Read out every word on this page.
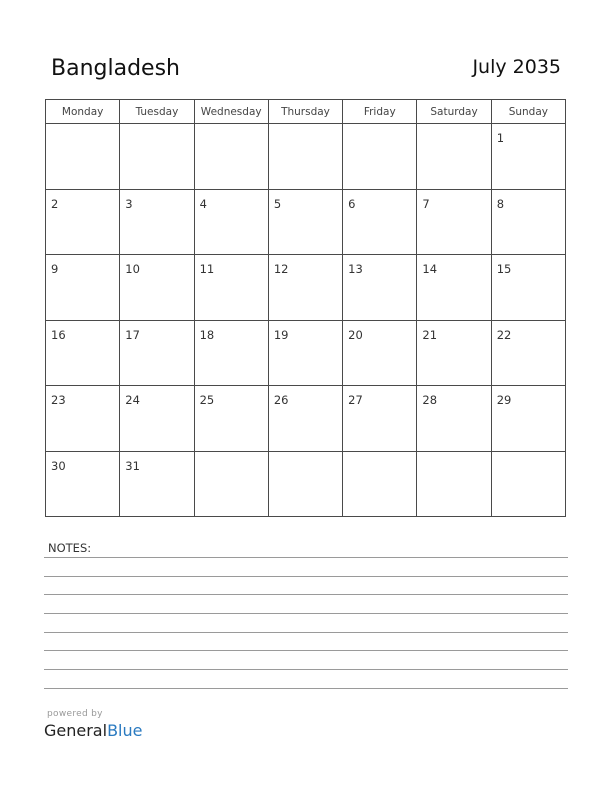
Bangladesh	July 2035
Monday	Tuesday	Wednesday	Thursday	Friday	Saturday	Sunday

						1

2	3	4	5	6	7	8

9	10	11	12	13	14	15

16	17	18	19	20	21	22

23	24	25	26	27	28	29

30	31					

NOTES:
powered by
GeneralBlue
